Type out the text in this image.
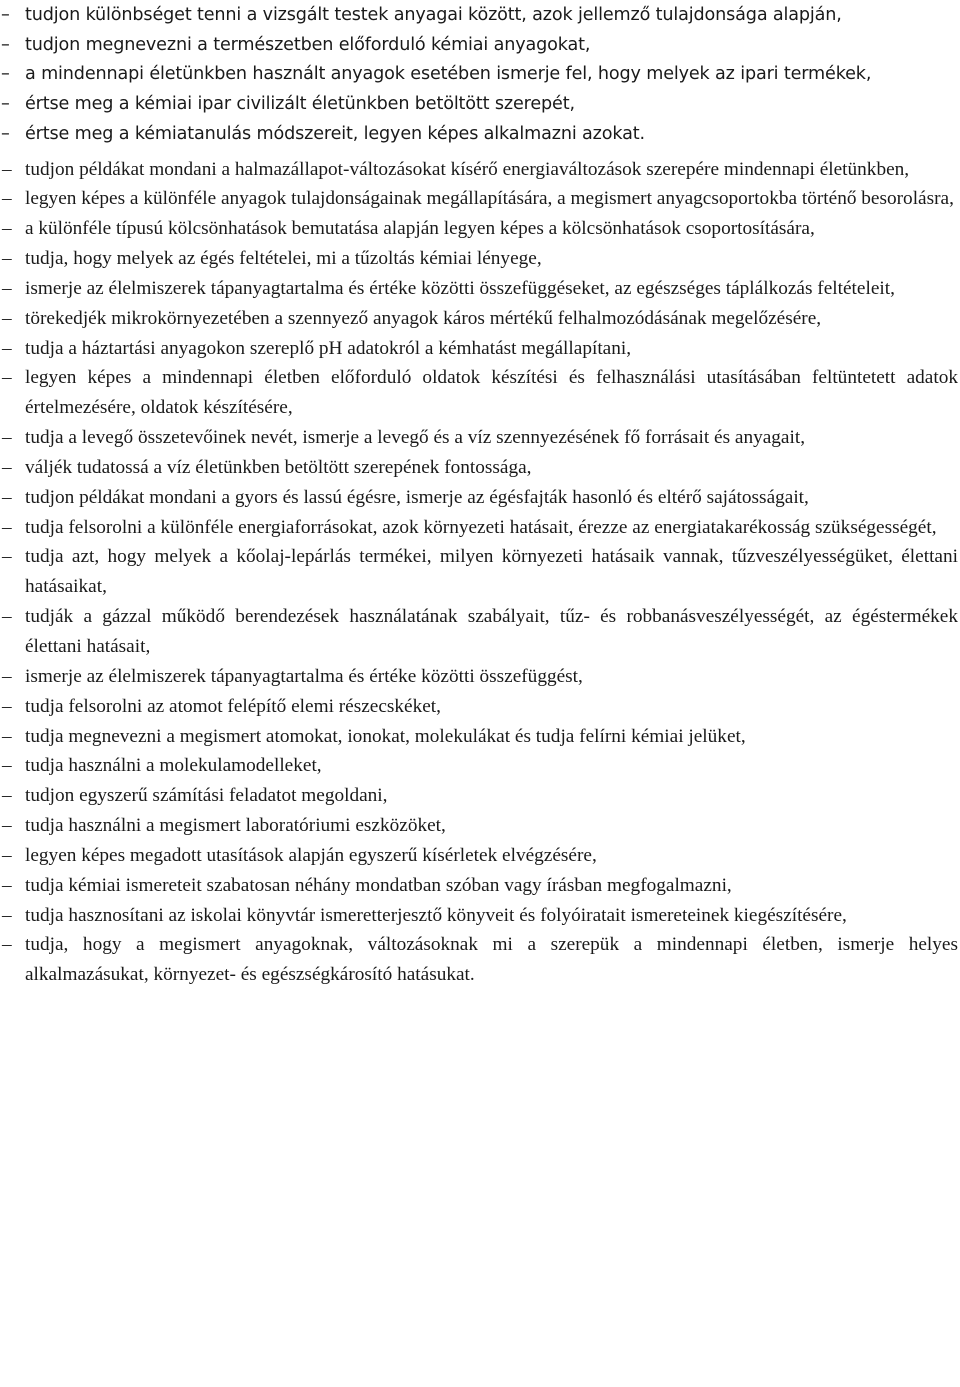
– tudjon különbséget tenni a vizsgált testek anyagai között, azok jellemző tulajdonsága alapján,
– tudjon megnevezni a természetben előforduló kémiai anyagokat,
– a mindennapi életünkben használt anyagok esetében ismerje fel, hogy melyek az ipari termékek,
– értse meg a kémiai ipar civilizált életünkben betöltött szerepét,
– értse meg a kémiatanulás módszereit, legyen képes alkalmazni azokat.
– tudjon példákat mondani a halmazállapot-változásokat kísérő energiaváltozások szerepére mindennapi életünkben,
– legyen képes a különféle anyagok tulajdonságainak megállapítására, a megismert anyagcsoportokba történő besorolásra,
– a különféle típusú kölcsönhatások bemutatása alapján legyen képes a kölcsönhatások csoportosítására,
– tudja, hogy melyek az égés feltételei, mi a tűzoltás kémiai lényege,
– ismerje az élelmiszerek tápanyagtartalma és értéke közötti összefüggéseket, az egészséges táplálkozás feltételeit,
– törekedjék mikrokörnyezetében a szennyező anyagok káros mértékű felhalmozódásának megelőzésére,
– tudja a háztartási anyagokon szereplő pH adatokról a kémhatást megállapítani,
– legyen képes a mindennapi életben előforduló oldatok készítési és felhasználási utasításában feltüntetett adatok értelmezésére, oldatok készítésére,
– tudja a levegő összetevőinek nevét, ismerje a levegő és a víz szennyezésének fő forrásait és anyagait,
– váljék tudatossá a víz életünkben betöltött szerepének fontossága,
– tudjon példákat mondani a gyors és lassú égésre, ismerje az égésfajták hasonló és eltérő sajátosságait,
– tudja felsorolni a különféle energiaforrásokat, azok környezeti hatásait, érezze az energiatakarékosság szükségességét,
– tudja azt, hogy melyek a kőolaj-lepárlás termékei, milyen környezeti hatásaik vannak, tűzveszélyességüket, élettani hatásaikat,
– tudják a gázzal működő berendezések használatának szabályait, tűz- és robbanásveszélyességét, az égéstermékek élettani hatásait,
– ismerje az élelmiszerek tápanyagtartalma és értéke közötti összefüggést,
– tudja felsorolni az atomot felépítő elemi részecskéket,
– tudja megnevezni a megismert atomokat, ionokat, molekulákat és tudja felírni kémiai jelüket,
– tudja használni a molekulamodelleket,
– tudjon egyszerű számítási feladatot megoldani,
– tudja használni a megismert laboratóriumi eszközöket,
– legyen képes megadott utasítások alapján egyszerű kísérletek elvégzésére,
– tudja kémiai ismereteit szabatosan néhány mondatban szóban vagy írásban megfogalmazni,
– tudja hasznosítani az iskolai könyvtár ismeretterjesztő könyveit és folyóiratait ismereteinek kiegészítésére,
– tudja, hogy a megismert anyagoknak, változásoknak mi a szerepük a mindennapi életben, ismerje helyes alkalmazásukat, környezet- és egészségkárosító hatásukat.
